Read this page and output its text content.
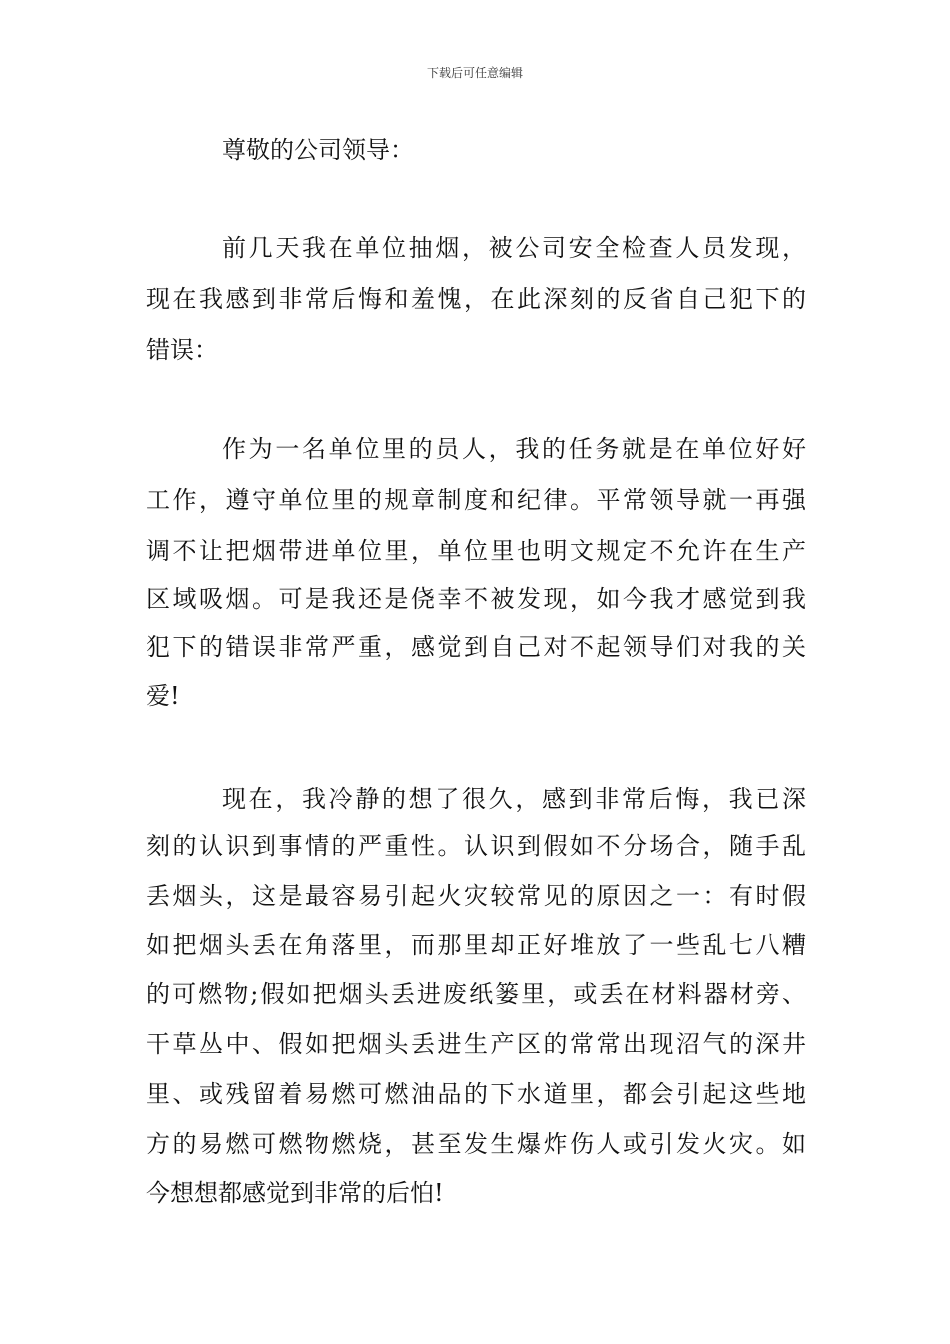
下载后可任意编辑
尊敬的公司领导：
前几天我在单位抽烟，被公司安全检查人员发现，
现在我感到非常后悔和羞愧，在此深刻的反省自己犯下的
错误：
作为一名单位里的员人，我的任务就是在单位好好
工作，遵守单位里的规章制度和纪律。平常领导就一再强
调不让把烟带进单位里，单位里也明文规定不允许在生产
区域吸烟。可是我还是侥幸不被发现，如今我才感觉到我
犯下的错误非常严重，感觉到自己对不起领导们对我的关
爱!
现在，我冷静的想了很久，感到非常后悔，我已深
刻的认识到事情的严重性。认识到假如不分场合，随手乱
丢烟头，这是最容易引起火灾较常见的原因之一：有时假
如把烟头丢在角落里，而那里却正好堆放了一些乱七八糟
的可燃物;假如把烟头丢进废纸篓里，或丢在材料器材旁、
干草丛中、假如把烟头丢进生产区的常常出现沼气的深井
里、或残留着易燃可燃油品的下水道里，都会引起这些地
方的易燃可燃物燃烧，甚至发生爆炸伤人或引发火灾。如
今想想都感觉到非常的后怕!
